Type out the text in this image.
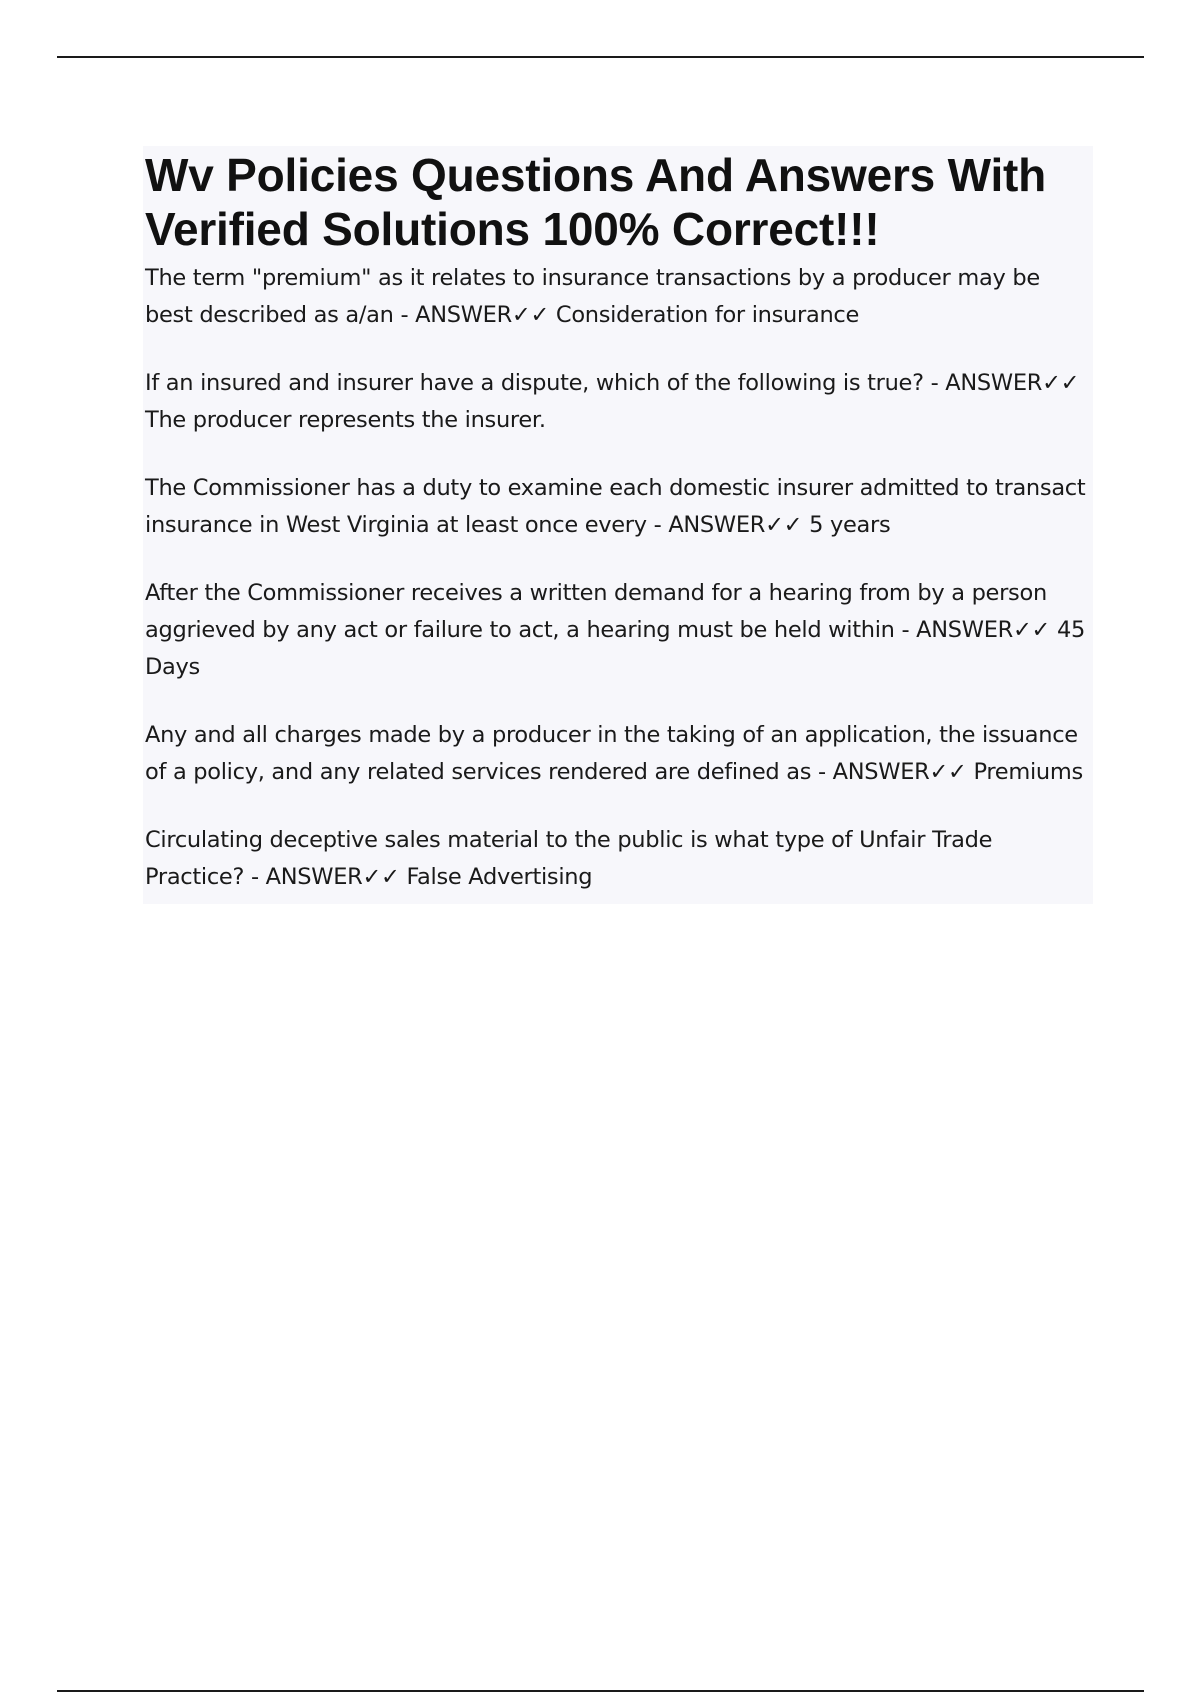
Wv Policies Questions And Answers With Verified Solutions 100% Correct!!!
The term "premium" as it relates to insurance transactions by a producer may be best described as a/an - ANSWER✓✓ Consideration for insurance
If an insured and insurer have a dispute, which of the following is true? - ANSWER✓✓ The producer represents the insurer.
The Commissioner has a duty to examine each domestic insurer admitted to transact insurance in West Virginia at least once every - ANSWER✓✓ 5 years
After the Commissioner receives a written demand for a hearing from by a person aggrieved by any act or failure to act, a hearing must be held within - ANSWER✓✓ 45 Days
Any and all charges made by a producer in the taking of an application, the issuance of a policy, and any related services rendered are defined as - ANSWER✓✓ Premiums
Circulating deceptive sales material to the public is what type of Unfair Trade Practice? - ANSWER✓✓ False Advertising
